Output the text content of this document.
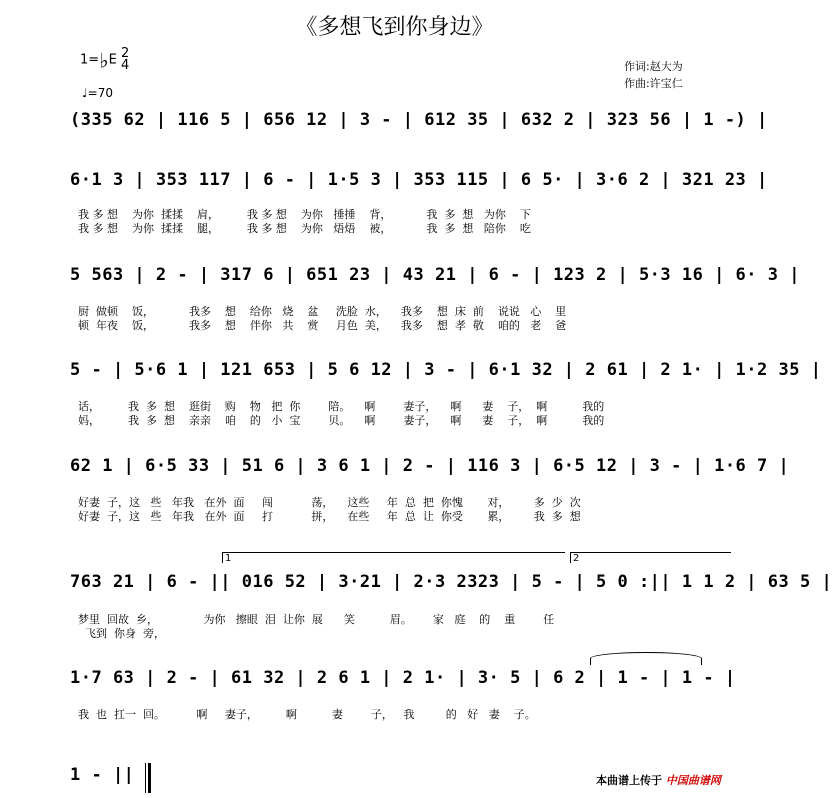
《多想飞到你身边》
1=♭E 2
4
♩=70
作词:赵大为
作曲:许宝仁
(335 62 | 116 5 | 656 12 | 3 - | 612 35 | 632 2 | 323 56 | 1 -) |
6·1 3 | 353 117 | 6 - | 1·5 3 | 353 115 | 6 5· | 3·6 2 | 321 23 |
我 多 想    为你  揉揉    肩，        我 多 想    为你   捶捶    背，          我  多  想   为你    下
我 多 想    为你  揉揉    腿，        我 多 想    为你   焐焐    被，          我  多  想   陪你    吃
5 563 | 2 - | 317 6 | 651 23 | 43 21 | 6 - | 123 2 | 5·3 16 | 6· 3 |
厨  做顿    饭，          我多    想    给你   烧    盆     洗脸  水，    我多    想  床  前    说说   心    里
顿  年夜    饭，          我多    想    伴你   共    赏     月色  美，    我多    想  孝  敬    咱的   老    爸
5 - | 5·6 1 | 121 653 | 5 6 12 | 3 - | 6·1 32 | 2 61 | 2 1· | 1·2 35 |
话，        我  多  想    逛街    购    物   把  你        陪。    啊        妻子，    啊      妻    子，  啊          我的
妈，        我  多  想    亲亲    咱    的   小  宝        贝。    啊        妻子，    啊      妻    子，  啊          我的
62 1 | 6·5 33 | 51 6 | 3 6 1 | 2 - | 116 3 | 6·5 12 | 3 - | 1·6 7 |
好妻  子，这   些   年我   在外  面     闯           荡，    这些     年  总  把  你愧       对，       多  少  次
好妻  子，这   些   年我   在外  面     打           拼，    在些     年  总  让  你受       累，       我  多  想
1	2
763 21 | 6 - || 016 52 | 3·21 | 2·3 2323 | 5 - | 5 0 :|| 1 1 2 | 63 5 |
梦里  回故  乡，             为你   擦眼  泪  让你  展      笑          眉。      家   庭    的    重        任
飞到  你身  旁，
1·7 63 | 2 - | 61 32 | 2 6 1 | 2 1· | 3· 5 | 6 2 | 1 - | 1 - |
我  也  扛一  回。         啊     妻子，        啊          妻        子，   我         的   好   妻    子。
1 - ||	本曲谱上传于 中国曲谱网
